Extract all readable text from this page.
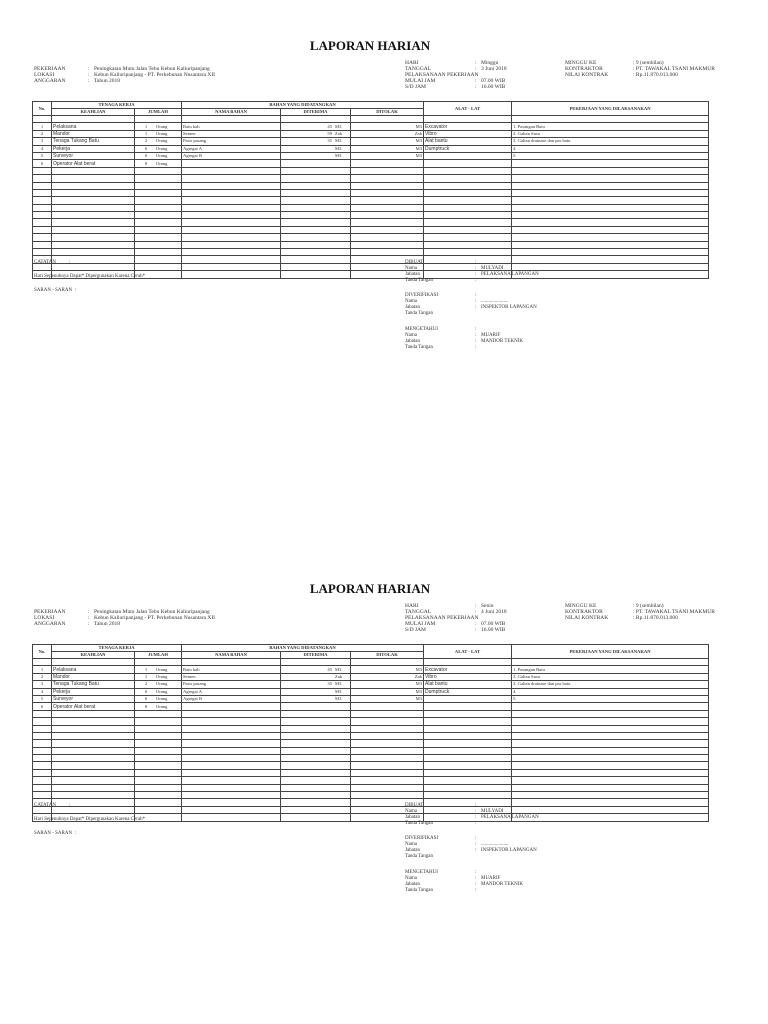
LAPORAN HARIAN
PEKERJAAN	: Peningkatan Mutu Jalan Tebu Kebun Kaliuripanjang
LOKASI	: Kebun Kaliuripanjang - PT. Perkebunan Nusantara XII
ANGGARAN	: Tahun 2018
HARI	: Minggu
TANGGAL	: 3 Juni 2018
PELAKSANAAN PEKERJAAN
MULAI JAM	: 07.00 WIB
S/D JAM	: 16.00 WIB
MINGGU KE	: 9 (sembilan)
KONTRAKTOR	: PT. TAWAKAL TSANI MAKMUR
NILAI KONTRAK	: Rp.11.870.013.000
No.	TENAGA KERJA		BAHAN YANG DIDATANGKAN			ALAT - LAT	PEKERJAAN YANG DILAKSANAKAN
	KEAHLIAN	JUMLAH	NAMA BAHAN	DITERIMA	DITOLAK		

1	Pelaksana	1 Orang	Batu kali	45 M3	M3	Excavator	1. Pasangan Batu
2	Mandor	1 Orang	Semen	59 Zak	Zak	Vibro	2. Galian Susu
3	Tenaga Tukang Batu	2 Orang	Pasir pasang	35 M3	M3	Alat bantu	3. Galian drainase dan pas batu
4	Pekerja	6 Orang	Agregat A	M3	M3	Dumptruck	4.
5	Surveyor	6 Orang	Agregat B	M3	M3		5.
6	Operator Alat berat	8 Orang					

CATATAN	:
Hari Sepenuhnya Dapat* Dipergunakan Karena Cerah*
SARAN - SARAN :
DIBUAT	:
Nama	: MULYADI
Jabatan	: PELAKSANA LAPANGAN
Tanda Tangan	:
DIVERIFIKASI	:
Nama	: ......................
Jabatan	: INSPEKTOR LAPANGAN
Tanda Tangan
MENGETAHUI	:
Nama	: MUARIF
Jabatan	: MANDOR TEKNIK
Tanda Tangan	:
LAPORAN HARIAN
PEKERJAAN	: Peningkatan Mutu Jalan Tebu Kebun Kaliuripanjang
LOKASI	: Kebun Kaliuripanjang - PT. Perkebunan Nusantara XII
ANGGARAN	: Tahun 2018
HARI	: Senin
TANGGAL	: 4 Juni 2018
PELAKSANAAN PEKERJAAN
MULAI JAM	: 07.00 WIB
S/D JAM	: 16.00 WIB
MINGGU KE	: 9 (sembilan)
KONTRAKTOR	: PT. TAWAKAL TSANI MAKMUR
NILAI KONTRAK	: Rp.11.870.013.000
No.	TENAGA KERJA		BAHAN YANG DIDATANGKAN			ALAT - LAT	PEKERJAAN YANG DILAKSANAKAN
	KEAHLIAN	JUMLAH	NAMA BAHAN	DITERIMA	DITOLAK		

1	Pelaksana	1 Orang	Batu kali	45 M3	M3	Excavator	1. Pasangan Batu
2	Mandor	1 Orang	Semen	Zak	Zak	Vibro	2. Galian Susu
3	Tenaga Tukang Batu	2 Orang	Pasir pasang	35 M3	M3	Alat bantu	3. Galian drainase dan pas batu
4	Pekerja	6 Orang	Agregat A	M3	M3	Dumptruck	4.
5	Surveyor	6 Orang	Agregat B	M3	M3		5.
6	Operator Alat berat	8 Orang					

CATATAN	:
Hari Sepenuhnya Dapat* Dipergunakan Karena Cerah*
SARAN - SARAN :
DIBUAT	:
Nama	: MULYADI
Jabatan	: PELAKSANA LAPANGAN
Tanda Tangan	:
DIVERIFIKASI	:
Nama	: ......................
Jabatan	: INSPEKTOR LAPANGAN
Tanda Tangan
MENGETAHUI	:
Nama	: MUARIF
Jabatan	: MANDOR TEKNIK
Tanda Tangan	:
